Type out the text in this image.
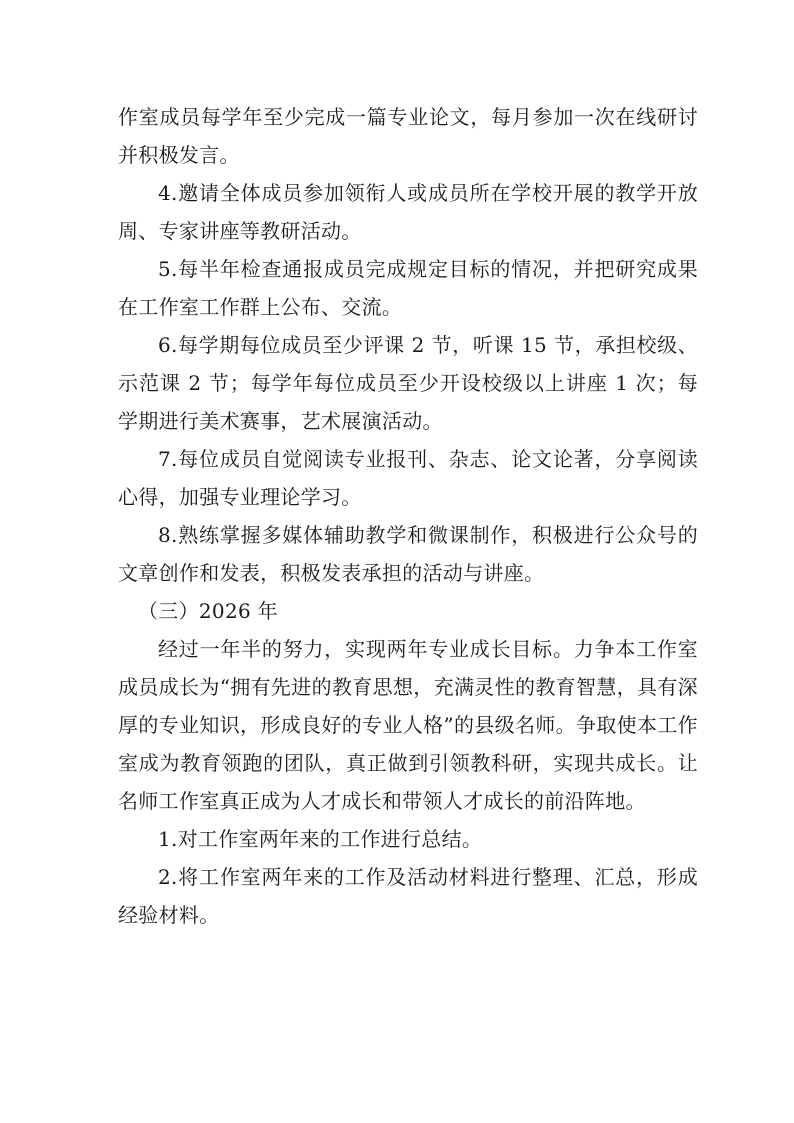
作室成员每学年至少完成一篇专业论文，每月参加一次在线研讨并积极发言。

4.邀请全体成员参加领衔人或成员所在学校开展的教学开放周、专家讲座等教研活动。

5.每半年检查通报成员完成规定目标的情况，并把研究成果在工作室工作群上公布、交流。

6.每学期每位成员至少评课 2 节，听课 15 节，承担校级、示范课 2 节；每学年每位成员至少开设校级以上讲座 1 次；每学期进行美术赛事，艺术展演活动。

7.每位成员自觉阅读专业报刊、杂志、论文论著，分享阅读心得，加强专业理论学习。

8.熟练掌握多媒体辅助教学和微课制作，积极进行公众号的文章创作和发表，积极发表承担的活动与讲座。

（三）2026 年

经过一年半的努力，实现两年专业成长目标。力争本工作室成员成长为“拥有先进的教育思想，充满灵性的教育智慧，具有深厚的专业知识，形成良好的专业人格”的县级名师。争取使本工作室成为教育领跑的团队，真正做到引领教科研，实现共成长。让名师工作室真正成为人才成长和带领人才成长的前沿阵地。

1.对工作室两年来的工作进行总结。

2.将工作室两年来的工作及活动材料进行整理、汇总，形成经验材料。
